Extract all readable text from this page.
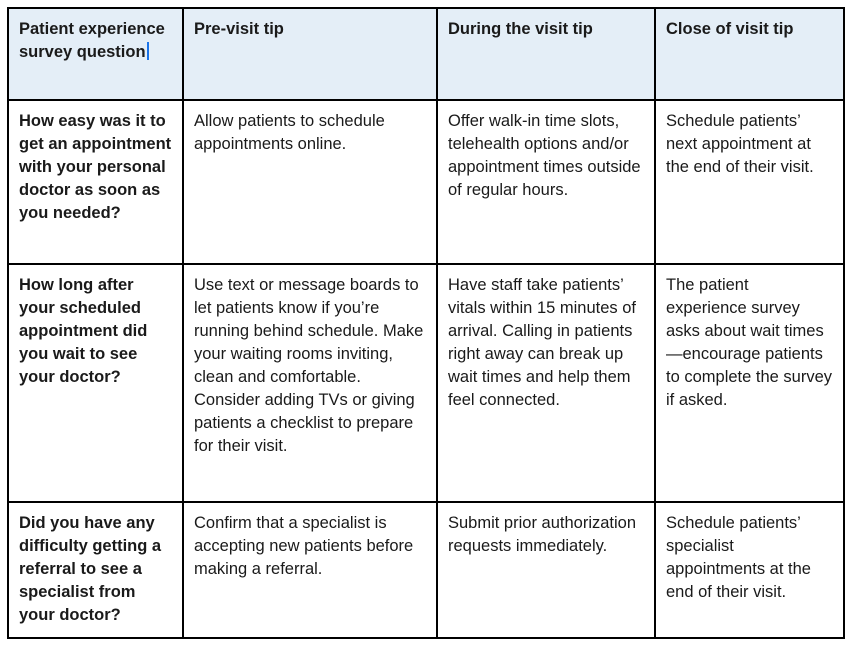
Patient experience survey question	Pre-visit tip	During the visit tip	Close of visit tip
How easy was it to get an appointment with your personal doctor as soon as you needed?	Allow patients to schedule appointments online.	Offer walk-in time slots, telehealth options and/or appointment times outside of regular hours.	Schedule patients’ next appointment at the end of their visit.
How long after your scheduled appointment did you wait to see your doctor?	Use text or message boards to let patients know if you’re running behind schedule. Make your waiting rooms inviting, clean and comfortable. Consider adding TVs or giving patients a checklist to prepare for their visit.	Have staff take patients’ vitals within 15 minutes of arrival. Calling in patients right away can break up wait times and help them feel connected.	The patient experience survey asks about wait times—encourage patients to complete the survey if asked.
Did you have any difficulty getting a referral to see a specialist from your doctor?	Confirm that a specialist is accepting new patients before making a referral.	Submit prior authorization requests immediately.	Schedule patients’ specialist appointments at the end of their visit.
